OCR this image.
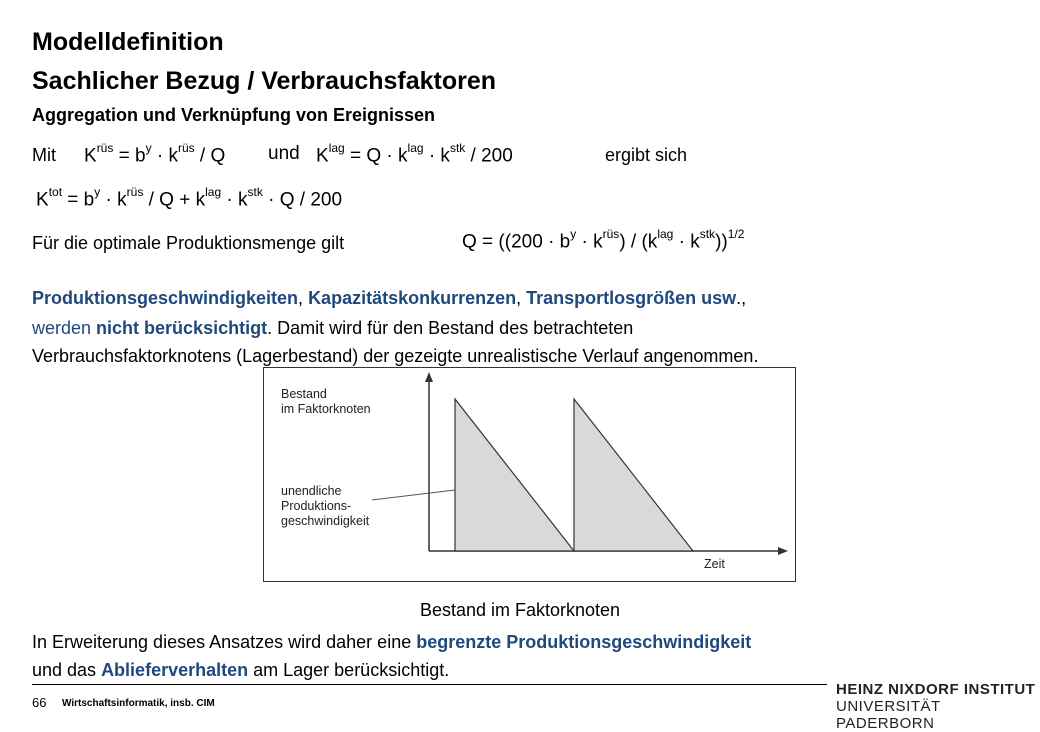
Modelldefinition
Sachlicher Bezug / Verbrauchsfaktoren
Aggregation und Verknüpfung von Ereignissen
Mit $K^{rüs} = b^y \cdot k^{rüs} / Q$ und $K^{lag} = Q \cdot k^{lag} \cdot k^{stk} / 200$	ergibt sich
$K^{tot} = b^y \cdot k^{rüs} / Q + k^{lag} \cdot k^{stk} \cdot Q / 200$
Für die optimale Produktionsmenge gilt	$Q = ((200 \cdot b^y \cdot k^{rüs}) / (k^{lag} \cdot k^{stk}))^{1/2}$
Produktionsgeschwindigkeiten, Kapazitätskonkurrenzen, Transportlosgrößen usw.,
werden nicht berücksichtigt. Damit wird für den Bestand des betrachteten
Verbrauchsfaktorknotens (Lagerbestand) der gezeigte unrealistische Verlauf angenommen.
Bestand
im Faktorknoten
unendliche
Produktions-
geschwindigkeit
Zeit
Bestand im Faktorknoten
In Erweiterung dieses Ansatzes wird daher eine begrenzte Produktionsgeschwindigkeit
und das Ablieferverhalten am Lager berücksichtigt.
66 Wirtschaftsinformatik, insb. CIM
HEINZ NIXDORF INSTITUT
UNIVERSITÄT PADERBORN
